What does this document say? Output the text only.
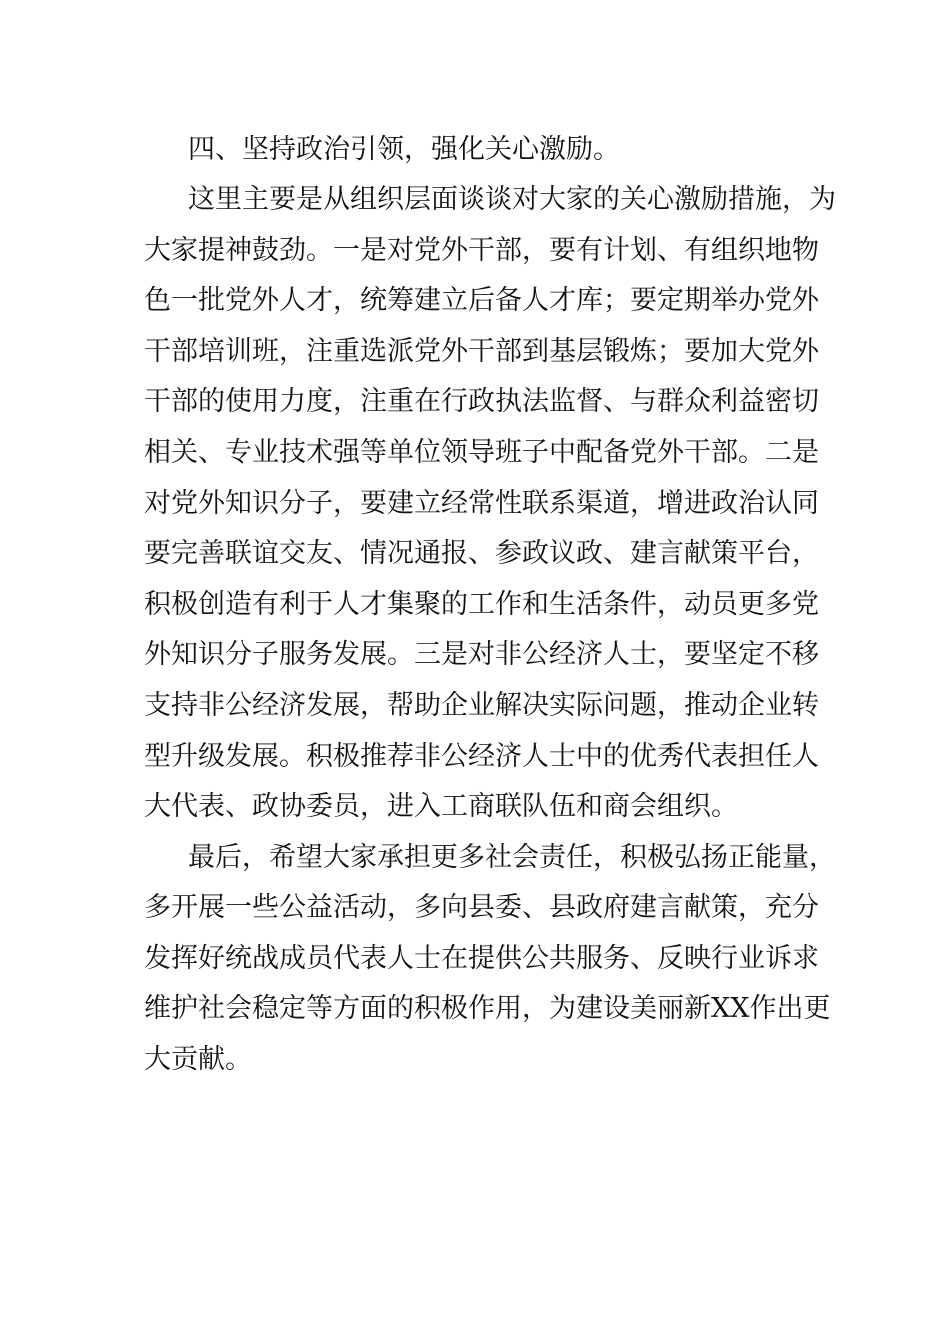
四、坚持政治引领，强化关心激励。

这里主要是从组织层面谈谈对大家的关心激励措施，为

大家提神鼓劲。一是对党外干部，要有计划、有组织地物

色一批党外人才，统筹建立后备人才库；要定期举办党外

干部培训班，注重选派党外干部到基层锻炼；要加大党外

干部的使用力度，注重在行政执法监督、与群众利益密切

相关、专业技术强等单位领导班子中配备党外干部。二是

对党外知识分子，要建立经常性联系渠道，增进政治认同

要完善联谊交友、情况通报、参政议政、建言献策平台，

积极创造有利于人才集聚的工作和生活条件，动员更多党

外知识分子服务发展。三是对非公经济人士，要坚定不移

支持非公经济发展，帮助企业解决实际问题，推动企业转

型升级发展。积极推荐非公经济人士中的优秀代表担任人

大代表、政协委员，进入工商联队伍和商会组织。

最后，希望大家承担更多社会责任，积极弘扬正能量，

多开展一些公益活动，多向县委、县政府建言献策，充分

发挥好统战成员代表人士在提供公共服务、反映行业诉求

维护社会稳定等方面的积极作用，为建设美丽新XX作出更

大贡献。
